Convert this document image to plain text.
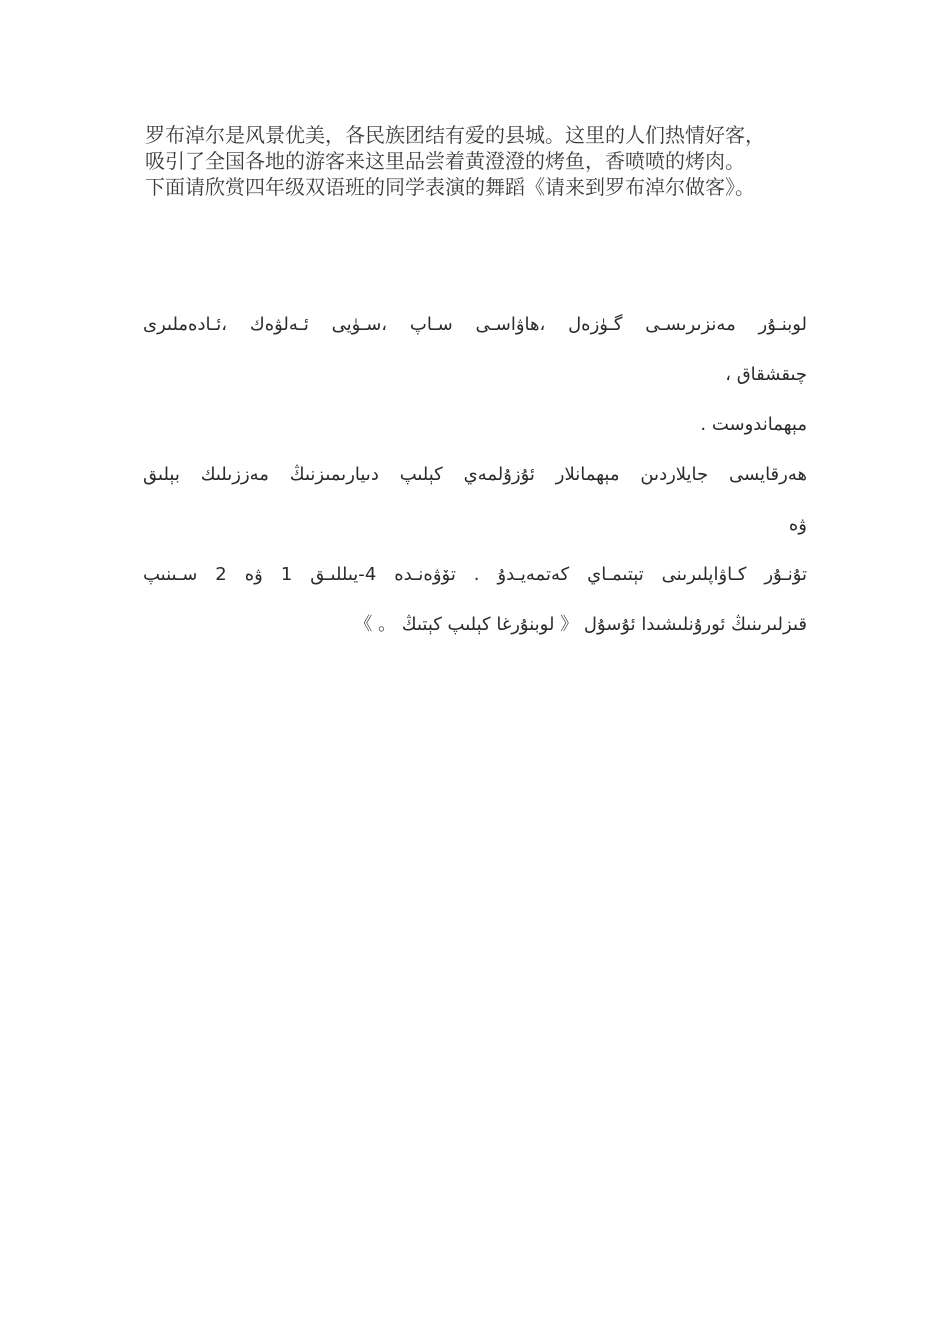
罗布淖尔是风景优美，各民族团结有爱的县城。这里的人们热情好客，
吸引了全国各地的游客来这里品尝着黄澄澄的烤鱼，香喷喷的烤肉。
下面请欣赏四年级双语班的同学表演的舞蹈《请来到罗布淖尔做客》。
لوبنـۇر مەنزىرىسـى گـۈزەل ،ھاۋاسـى سـاپ ،سـۈيى ئـەلۋەك ،ئـادەملىرى
چىقشقاق ،
مېھماندوست .
ھەرقايسى جايلاردىن مېھمانلار ئۇزۇلمەي كېلىپ دىيارىمىزنىڭ مەززىلىك بېلىق
ۋە
تۇنـۇر كـاۋاپلىرىنى تېتىمـاي كەتمەيـدۇ . تۆۋەنـدە 4-يىللىـق 1 ۋە 2 سـىنىپ
قىزلىرىنىڭ ئورۇنلىشىدا ئۇسۇل 《 لوبنۇرغا كېلىپ كېتىڭ 。 》
